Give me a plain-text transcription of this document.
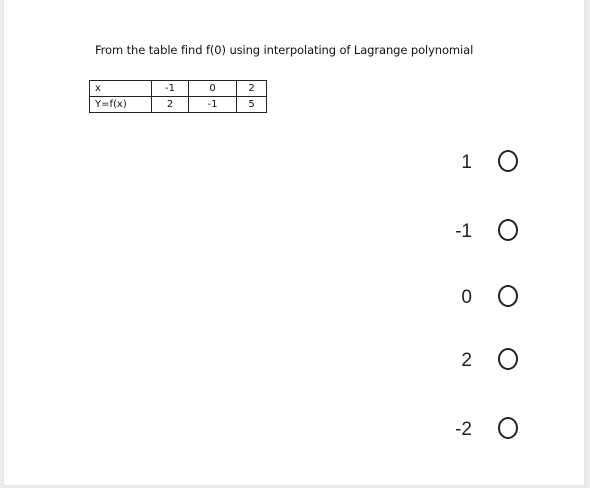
From the table find f(0) using interpolating of Lagrange polynomial
x	-1	0	2
Y=f(x)	2	-1	5
1
-1
0
2
-2
